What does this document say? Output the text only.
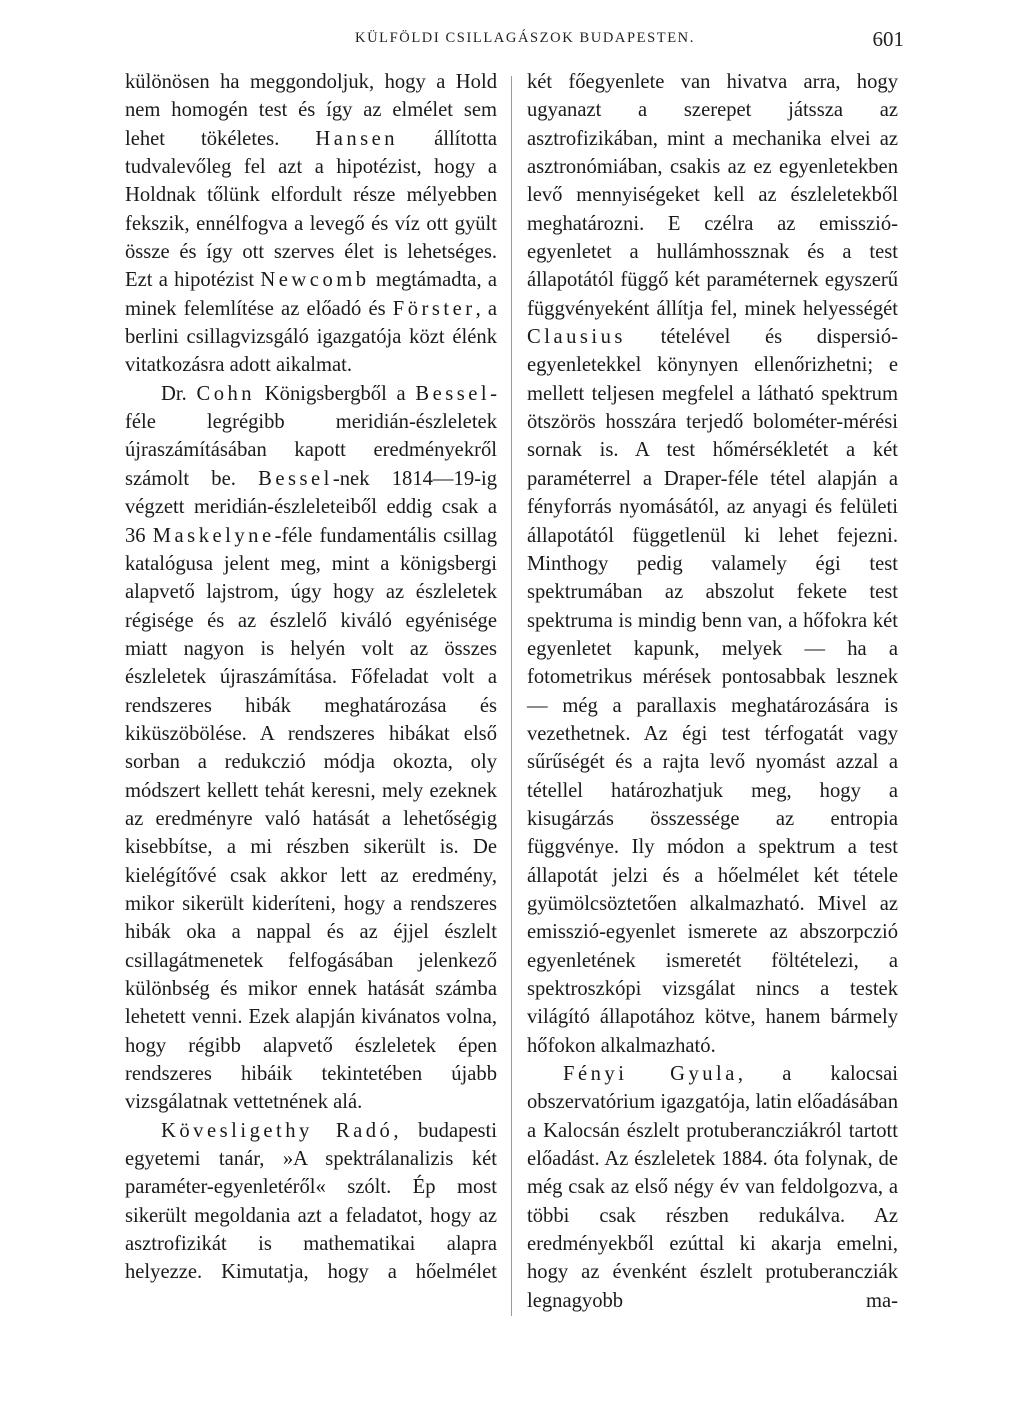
KÜLFÖLDI CSILLAGÁSZOK BUDAPESTEN.	601

különösen ha meggondoljuk, hogy a Hold nem homogén test és így az elmélet sem lehet tökéletes. Hansen állította tudvalevőleg fel azt a hipotézist, hogy a Holdnak tőlünk elfordult része mélyebben fekszik, ennélfogva a levegő és víz ott gyült össze és így ott szerves élet is lehetséges. Ezt a hipotézist Newcomb megtámadta, a minek felemlítése az előadó és Förster, a berlini csillagvizsgáló igazgatója közt élénk vitatkozásra adott aikalmat.

Dr. Cohn Königsbergből a Bessel-féle legrégibb meridián-észleletek újraszámításában kapott eredményekről számolt be. Bessel-nek 1814—19-ig végzett meridián-észleleteiből eddig csak a 36 Maskelyne-féle fundamentális csillag katalógusa jelent meg, mint a königsbergi alapvető lajstrom, úgy hogy az észleletek régisége és az észlelő kiváló egyénisége miatt nagyon is helyén volt az összes észleletek újraszámítása. Főfeladat volt a rendszeres hibák meghatározása és kiküszöbölése. A rendszeres hibákat első sorban a redukczió módja okozta, oly módszert kellett tehát keresni, mely ezeknek az eredményre való hatását a lehetőségig kisebbítse, a mi részben sikerült is. De kielégítővé csak akkor lett az eredmény, mikor sikerült kideríteni, hogy a rendszeres hibák oka a nappal és az éjjel észlelt csillagátmenetek felfogásában jelenkező különbség és mikor ennek hatását számba lehetett venni. Ezek alapján kivánatos volna, hogy régibb alapvető észleletek épen rendszeres hibáik tekintetében újabb vizsgálatnak vettetnének alá.

Kövesligethy Radó, budapesti egyetemi tanár, »A spektrálanalizis két paraméter-egyenletéről« szólt. Ép most sikerült megoldania azt a feladatot, hogy az asztrofizikát is mathematikai alapra helyezze. Kimutatja, hogy a hőelmélet

két főegyenlete van hivatva arra, hogy ugyanazt a szerepet játssza az asztrofizikában, mint a mechanika elvei az asztronómiában, csakis az ez egyenletekben levő mennyiségeket kell az észleletekből meghatározni. E czélra az emisszió-egyenletet a hullámhossznak és a test állapotától függő két paraméternek egyszerű függvényeként állítja fel, minek helyességét Clausius tételével és dispersió-egyenletekkel könynyen ellenőrizhetni; e mellett teljesen megfelel a látható spektrum ötszörös hosszára terjedő bolométer-mérési sornak is. A test hőmérsékletét a két paraméterrel a Draper-féle tétel alapján a fényforrás nyomásától, az anyagi és felületi állapotától függetlenül ki lehet fejezni. Minthogy pedig valamely égi test spektrumában az abszolut fekete test spektruma is mindig benn van, a hőfokra két egyenletet kapunk, melyek — ha a fotometrikus mérések pontosabbak lesznek — még a parallaxis meghatározására is vezethetnek. Az égi test térfogatát vagy sűrűségét és a rajta levő nyomást azzal a tétellel határozhatjuk meg, hogy a kisugárzás összessége az entropia függvénye. Ily módon a spektrum a test állapotát jelzi és a hőelmélet két tétele gyümölcsöztetően alkalmazható. Mivel az emisszió-egyenlet ismerete az abszorpczió egyenletének ismeretét föltételezi, a spektroszkópi vizsgálat nincs a testek világító állapotához kötve, hanem bármely hőfokon alkalmazható.

Fényi Gyula, a kalocsai obszervatórium igazgatója, latin előadásában a Kalocsán észlelt protuberancziákról tartott előadást. Az észleletek 1884. óta folynak, de még csak az első négy év van feldolgozva, a többi csak részben redukálva. Az eredményekből ezúttal ki akarja emelni, hogy az évenként észlelt protuberancziák legnagyobb ma-
